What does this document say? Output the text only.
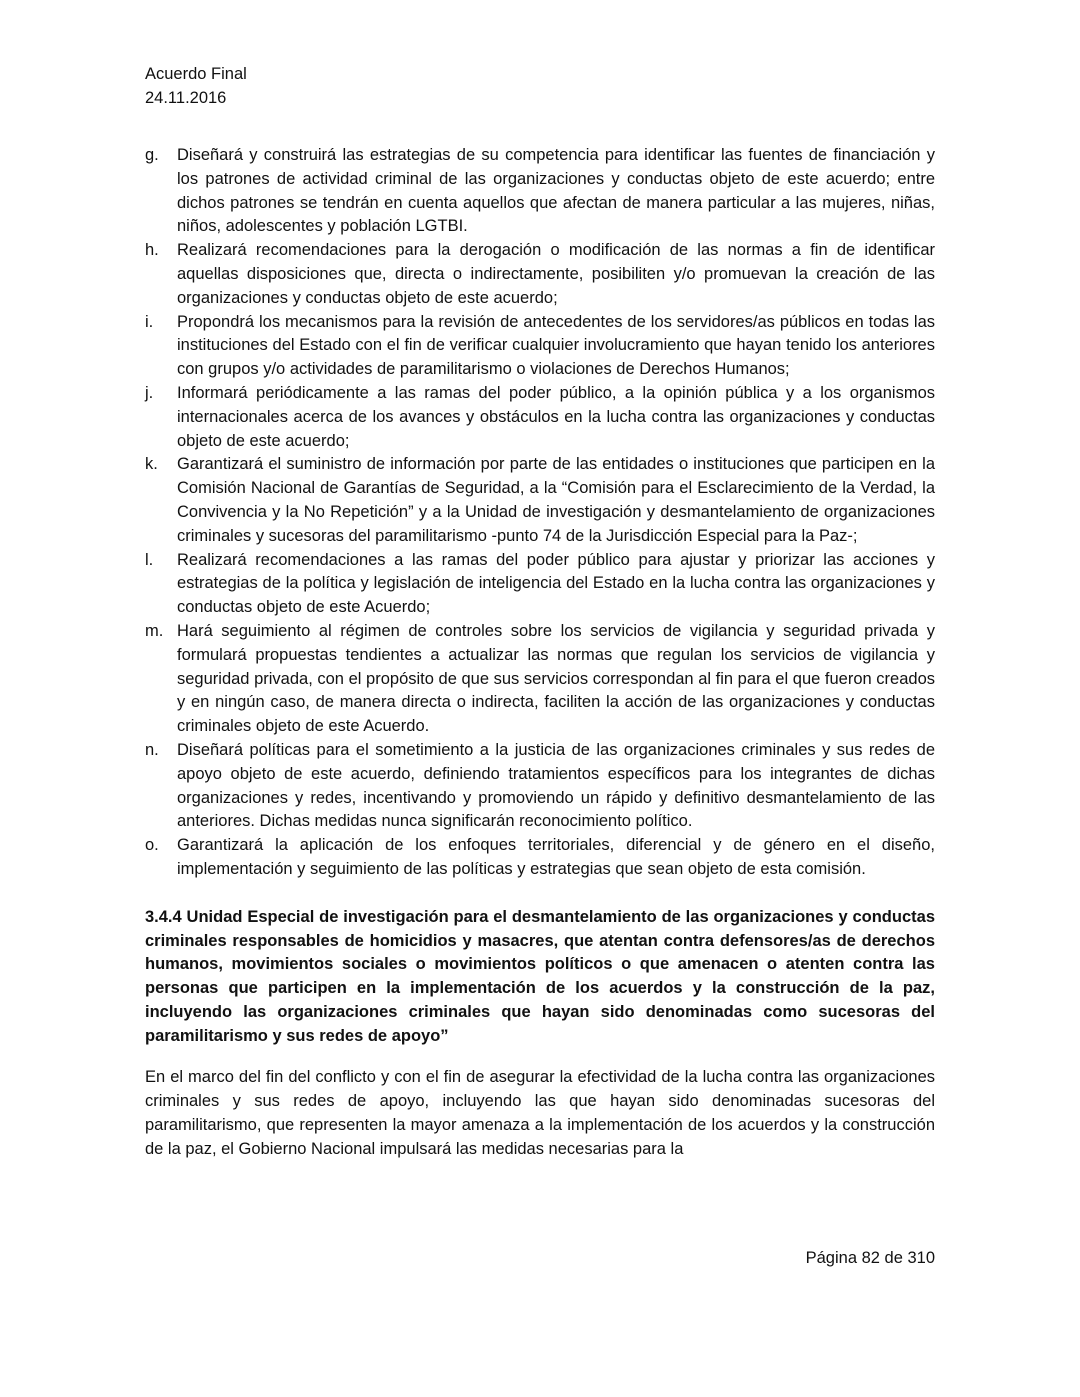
Acuerdo Final

24.11.2016

g.	Diseñará y construirá las estrategias de su competencia para identificar las fuentes de financiación y los patrones de actividad criminal de las organizaciones y conductas objeto de este acuerdo; entre dichos patrones se tendrán en cuenta aquellos que afectan de manera particular a las mujeres, niñas, niños, adolescentes y población LGTBI.
h.	Realizará recomendaciones para la derogación o modificación de las normas a fin de identificar aquellas disposiciones que, directa o indirectamente, posibiliten y/o promuevan la creación de las organizaciones y conductas objeto de este acuerdo;
i.	Propondrá los mecanismos para la revisión de antecedentes de los servidores/as públicos en todas las instituciones del Estado con el fin de verificar cualquier involucramiento que hayan tenido los anteriores con grupos y/o actividades de paramilitarismo o violaciones de Derechos Humanos;
j.	Informará periódicamente a las ramas del poder público, a la opinión pública y a los organismos internacionales acerca de los avances y obstáculos en la lucha contra las organizaciones y conductas objeto de este acuerdo;
k.	Garantizará el suministro de información por parte de las entidades o instituciones que participen en la Comisión Nacional de Garantías de Seguridad, a la “Comisión para el Esclarecimiento de la Verdad, la Convivencia y la No Repetición” y a la Unidad de investigación y desmantelamiento de organizaciones criminales y sucesoras del paramilitarismo -punto 74 de la Jurisdicción Especial para la Paz-;
l.	Realizará recomendaciones a las ramas del poder público para ajustar y priorizar las acciones y estrategias de la política y legislación de inteligencia del Estado en la lucha contra las organizaciones y conductas objeto de este Acuerdo;
m. Hará seguimiento al régimen de controles sobre los servicios de vigilancia y seguridad privada y formulará propuestas tendientes a actualizar las normas que regulan los servicios de vigilancia y seguridad privada, con el propósito de que sus servicios correspondan al fin para el que fueron creados y en ningún caso, de manera directa o indirecta, faciliten la acción de las organizaciones y conductas criminales objeto de este Acuerdo.
n.	Diseñará políticas para el sometimiento a la justicia de las organizaciones criminales y sus redes de apoyo objeto de este acuerdo, definiendo tratamientos específicos para los integrantes de dichas organizaciones y redes, incentivando y promoviendo un rápido y definitivo desmantelamiento de las anteriores. Dichas medidas nunca significarán reconocimiento político.
o.	Garantizará la aplicación de los enfoques territoriales, diferencial y de género en el diseño, implementación y seguimiento de las políticas y estrategias que sean objeto de esta comisión.

3.4.4 Unidad Especial de investigación para el desmantelamiento de las organizaciones y conductas criminales responsables de homicidios y masacres, que atentan contra defensores/as de derechos humanos, movimientos sociales o movimientos políticos o que amenacen o atenten contra las personas que participen en la implementación de los acuerdos y la construcción de la paz, incluyendo las organizaciones criminales que hayan sido denominadas como sucesoras del paramilitarismo y sus redes de apoyo”

En el marco del fin del conflicto y con el fin de asegurar la efectividad de la lucha contra las organizaciones criminales y sus redes de apoyo, incluyendo las que hayan sido denominadas sucesoras del paramilitarismo, que representen la mayor amenaza a la implementación de los acuerdos y la construcción de la paz, el Gobierno Nacional impulsará las medidas necesarias para la

Página 82 de 310
